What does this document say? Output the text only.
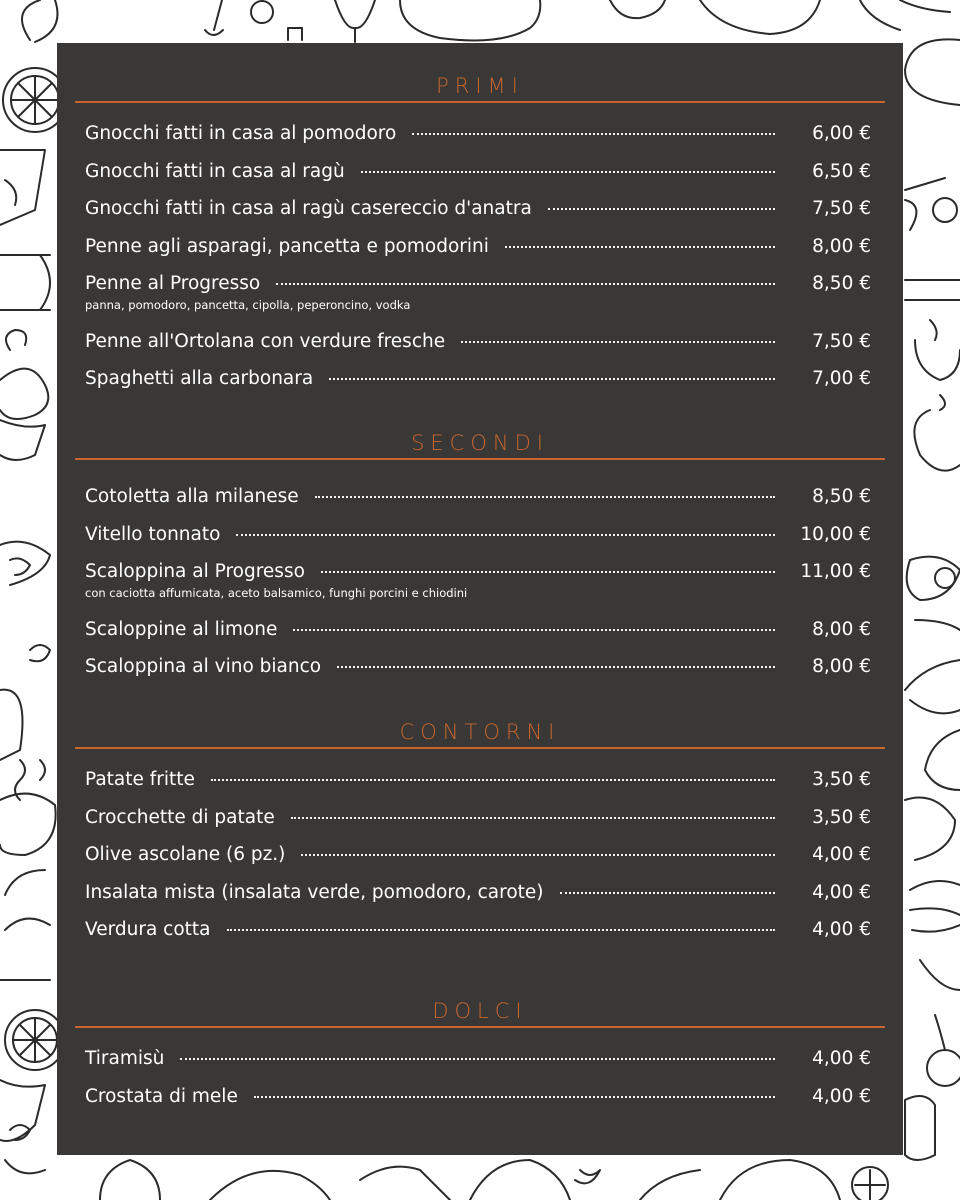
PRIMI
Gnocchi fatti in casa al pomodoro	6,00 €
Gnocchi fatti in casa al ragù	6,50 €
Gnocchi fatti in casa al ragù casereccio d'anatra	7,50 €
Penne agli asparagi, pancetta e pomodorini	8,00 €
Penne al Progresso	8,50 €
panna, pomodoro, pancetta, cipolla, peperoncino, vodka
Penne all'Ortolana con verdure fresche	7,50 €
Spaghetti alla carbonara	7,00 €
SECONDI
Cotoletta alla milanese	8,50 €
Vitello tonnato	10,00 €
Scaloppina al Progresso	11,00 €
con caciotta affumicata, aceto balsamico, funghi porcini e chiodini
Scaloppine al limone	8,00 €
Scaloppina al vino bianco	8,00 €
CONTORNI
Patate fritte	3,50 €
Crocchette di patate	3,50 €
Olive ascolane (6 pz.)	4,00 €
Insalata mista (insalata verde, pomodoro, carote)	4,00 €
Verdura cotta	4,00 €
DOLCI
Tiramisù	4,00 €
Crostata di mele	4,00 €
